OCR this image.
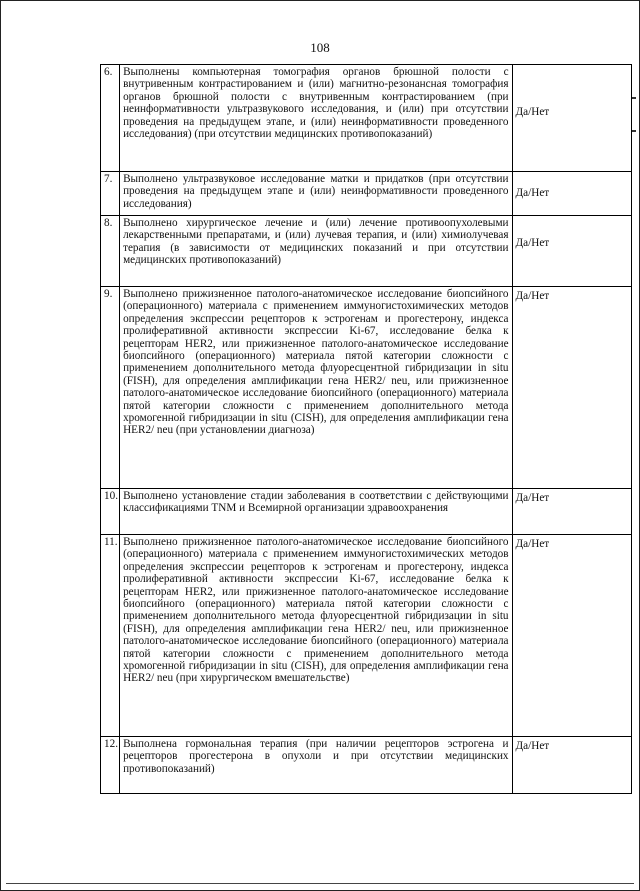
108
6.	Выполнены компьютерная томография органов брюшной полости с внутривенным контрастированием и (или) магнитно-резонансная томография органов брюшной полости с внутривенным контрастированием (при неинформативности ультразвукового исследования, и (или) при отсутствии проведения на предыдущем этапе, и (или) неинформативности проведенного исследования) (при отсутствии медицинских противопоказаний)	Да/Нет

7.	Выполнено ультразвуковое исследование матки и придатков (при отсутствии проведения на предыдущем этапе и (или) неинформативности проведенного исследования)	Да/Нет

8.	Выполнено хирургическое лечение и (или) лечение противоопухолевыми лекарственными препаратами, и (или) лучевая терапия, и (или) химиолучевая терапия (в зависимости от медицинских показаний и при отсутствии медицинских противопоказаний)	Да/Нет

9.	Выполнено прижизненное патолого-анатомическое исследование биопсийного (операционного) материала с применением иммуногистохимических методов определения экспрессии рецепторов к эстрогенам и прогестерону, индекса пролиферативной активности экспрессии Ki-67, исследование белка к рецепторам HER2, или прижизненное патолого-анатомическое исследование биопсийного (операционного) материала пятой категории сложности с применением дополнительного метода флуоресцентной гибридизации in situ (FISH), для определения амплификации гена HER2/ neu, или прижизненное патолого-анатомическое исследование биопсийного (операционного) материала пятой категории сложности с применением дополнительного метода хромогенной гибридизации in situ (CISH), для определения амплификации гена HER2/ neu (при установлении диагноза)	Да/Нет

10.	Выполнено установление стадии заболевания в соответствии с действующими классификациями TNM и Всемирной организации здравоохранения	Да/Нет

11.	Выполнено прижизненное патолого-анатомическое исследование биопсийного (операционного) материала с применением иммуногистохимических методов определения экспрессии рецепторов к эстрогенам и прогестерону, индекса пролиферативной активности экспрессии Ki-67, исследование белка к рецепторам HER2, или прижизненное патолого-анатомическое исследование биопсийного (операционного) материала пятой категории сложности с применением дополнительного метода флуоресцентной гибридизации in situ (FISH), для определения амплификации гена HER2/ neu, или прижизненное патолого-анатомическое исследование биопсийного (операционного) материала пятой категории сложности с применением дополнительного метода хромогенной гибридизации in situ (CISH), для определения амплификации гена HER2/ neu (при хирургическом вмешательстве)	Да/Нет

12.	Выполнена гормональная терапия (при наличии рецепторов эстрогена и рецепторов прогестерона в опухоли и при отсутствии медицинских противопоказаний)	Да/Нет
